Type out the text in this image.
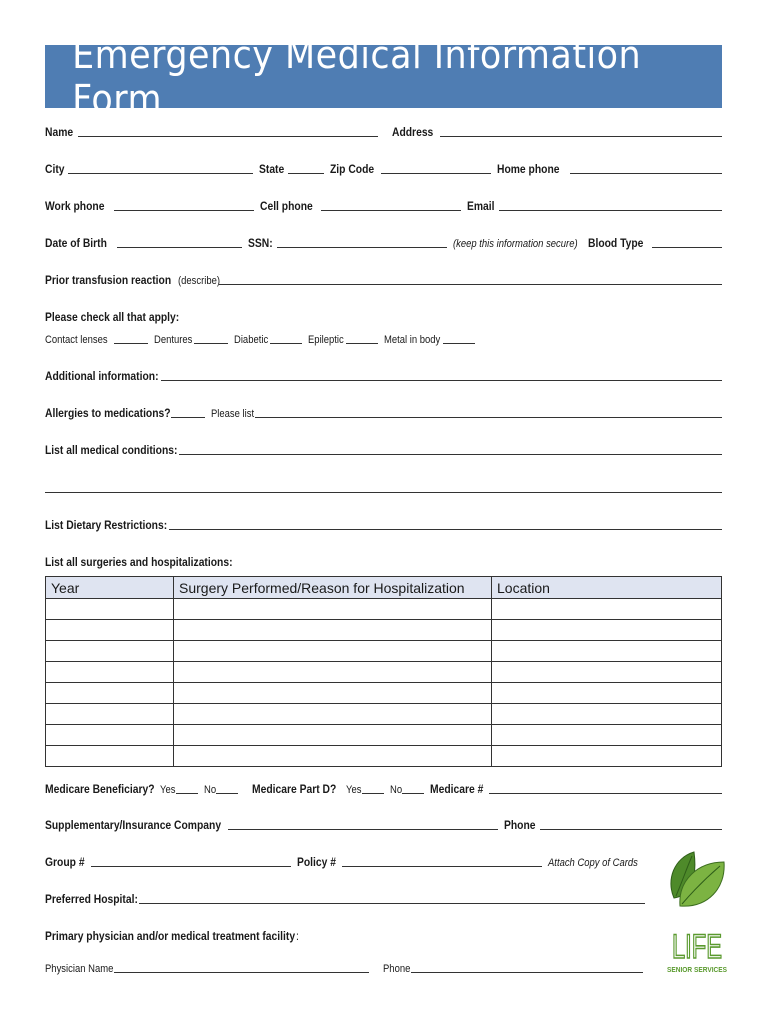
Emergency Medical Information Form
Name	Address
City	State	Zip Code	Home phone
Work phone	Cell phone	Email
Date of Birth	SSN:	(keep this information secure) Blood Type
Prior transfusion reaction (describe)
Please check all that apply:
Contact lenses	Dentures	Diabetic	Epileptic	Metal in body
Additional information:
Allergies to medications?	Please list
List all medical conditions:
List Dietary Restrictions:
List all surgeries and hospitalizations:
Year	Surgery Performed/Reason for Hospitalization	Location

Medicare Beneficiary? Yes	No	Medicare Part D? Yes	No Medicare #
Supplementary/Insurance Company	Phone
Group #	Policy #	Attach Copy of Cards
Preferred Hospital:
Primary physician and/or medical treatment facility :
Physician Name	Phone
LIFE
SENIOR SERVICES
